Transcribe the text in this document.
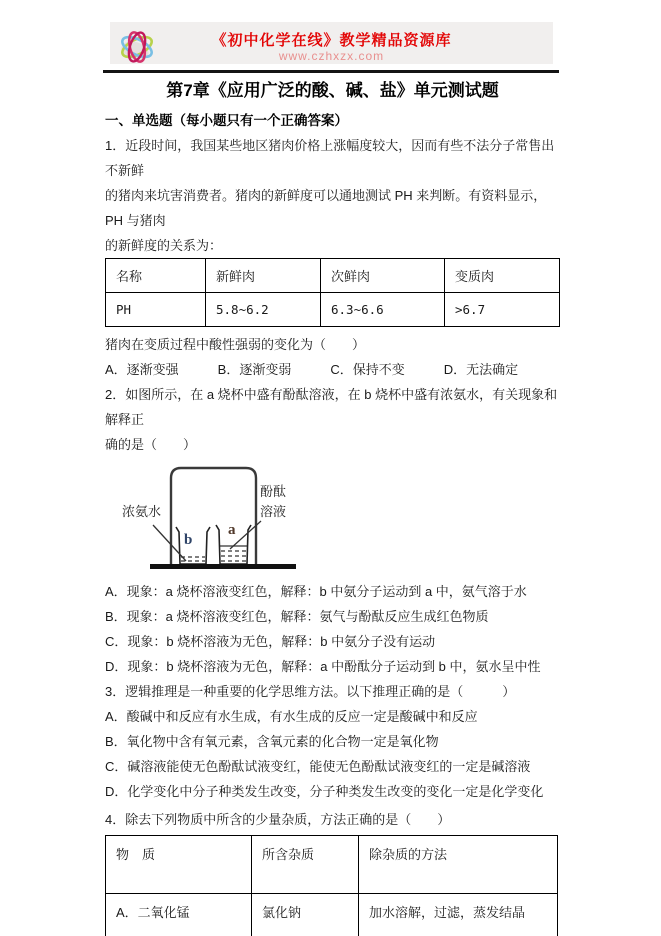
《初中化学在线》教学精品资源库
www.czhxzx.com
第7章《应用广泛的酸、碱、盐》单元测试题
一、单选题（每小题只有一个正确答案）

1．近段时间，我国某些地区猪肉价格上涨幅度较大，因而有些不法分子常售出不新鲜

的猪肉来坑害消费者。猪肉的新鲜度可以通地测试 PH 来判断。有资料显示，PH 与猪肉

的新鲜度的关系为：

名称	新鲜肉	次鲜肉	变质肉
PH	5.8~6.2	6.3~6.6	>6.7

猪肉在变质过程中酸性强弱的变化为（　　）

A．逐渐变强　　　B．逐渐变弱　　　C．保持不变　　　D．无法确定

2．如图所示，在 a 烧杯中盛有酚酞溶液，在 b 烧杯中盛有浓氨水，有关现象和解释正

确的是（　　）

浓氨水
酚酞
溶液
b
a

A．现象：a 烧杯溶液变红色，解释：b 中氨分子运动到 a 中，氨气溶于水

B．现象：a 烧杯溶液变红色，解释：氨气与酚酞反应生成红色物质

C．现象：b 烧杯溶液为无色，解释：b 中氨分子没有运动

D．现象：b 烧杯溶液为无色，解释：a 中酚酞分子运动到 b 中，氨水呈中性

3．逻辑推理是一种重要的化学思维方法。以下推理正确的是（　　　）

A．酸碱中和反应有水生成，有水生成的反应一定是酸碱中和反应

B．氧化物中含有氧元素，含氧元素的化合物一定是氧化物

C．碱溶液能使无色酚酞试液变红，能使无色酚酞试液变红的一定是碱溶液

D．化学变化中分子种类发生改变，分子种类发生改变的变化一定是化学变化

4．除去下列物质中所含的少量杂质，方法正确的是（　　）

物　质	所含杂质	除杂质的方法
A．二氧化锰	氯化钠	加水溶解，过滤，蒸发结晶
